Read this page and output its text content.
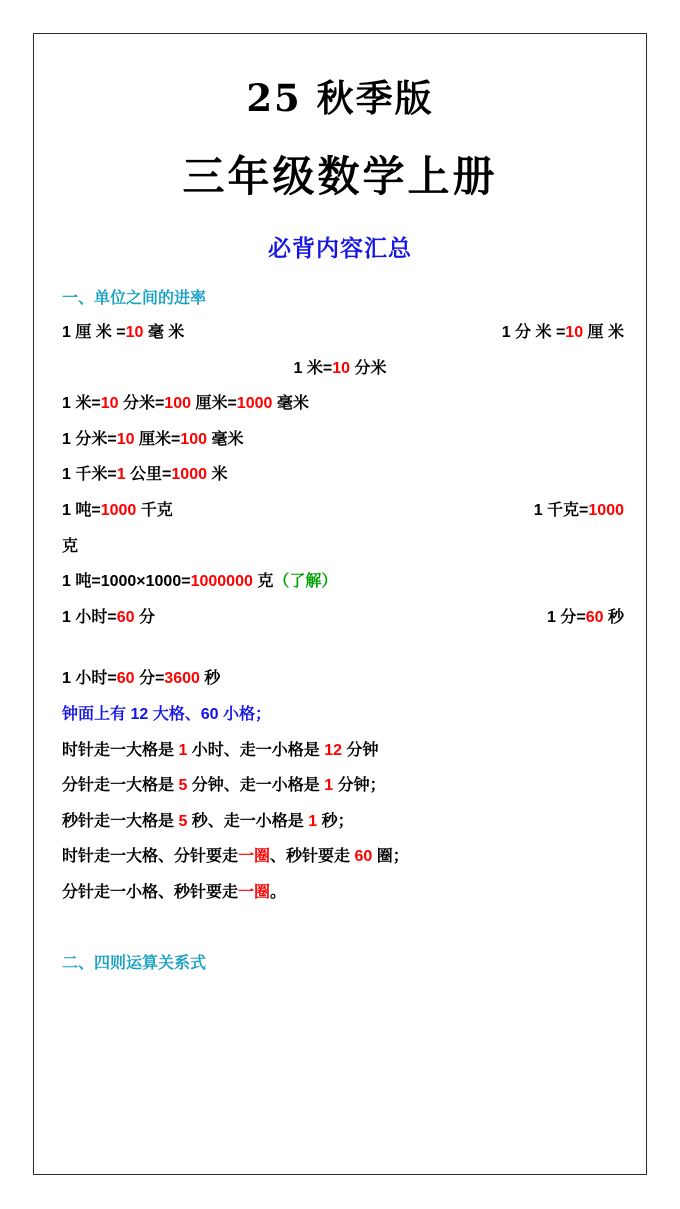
25 秋季版
三年级数学上册
必背内容汇总
一、单位之间的进率
1 厘 米 =10 毫 米	1 分 米 =10 厘 米
1 米=10 分米
1 米=10 分米=100 厘米=1000 毫米
1 分米=10 厘米=100 毫米
1 千米=1 公里=1000 米
1 吨=1000 千克	1 千克=1000
克
1 吨=1000×1000=1000000 克（了解）
1 小时=60 分	1 分=60 秒
1 小时=60 分=3600 秒
钟面上有 12 大格、60 小格；
时针走一大格是 1 小时、走一小格是 12 分钟
分针走一大格是 5 分钟、走一小格是 1 分钟；
秒针走一大格是 5 秒、走一小格是 1 秒；
时针走一大格、分针要走一圈、秒针要走 60 圈；
分针走一小格、秒针要走一圈。
二、四则运算关系式
